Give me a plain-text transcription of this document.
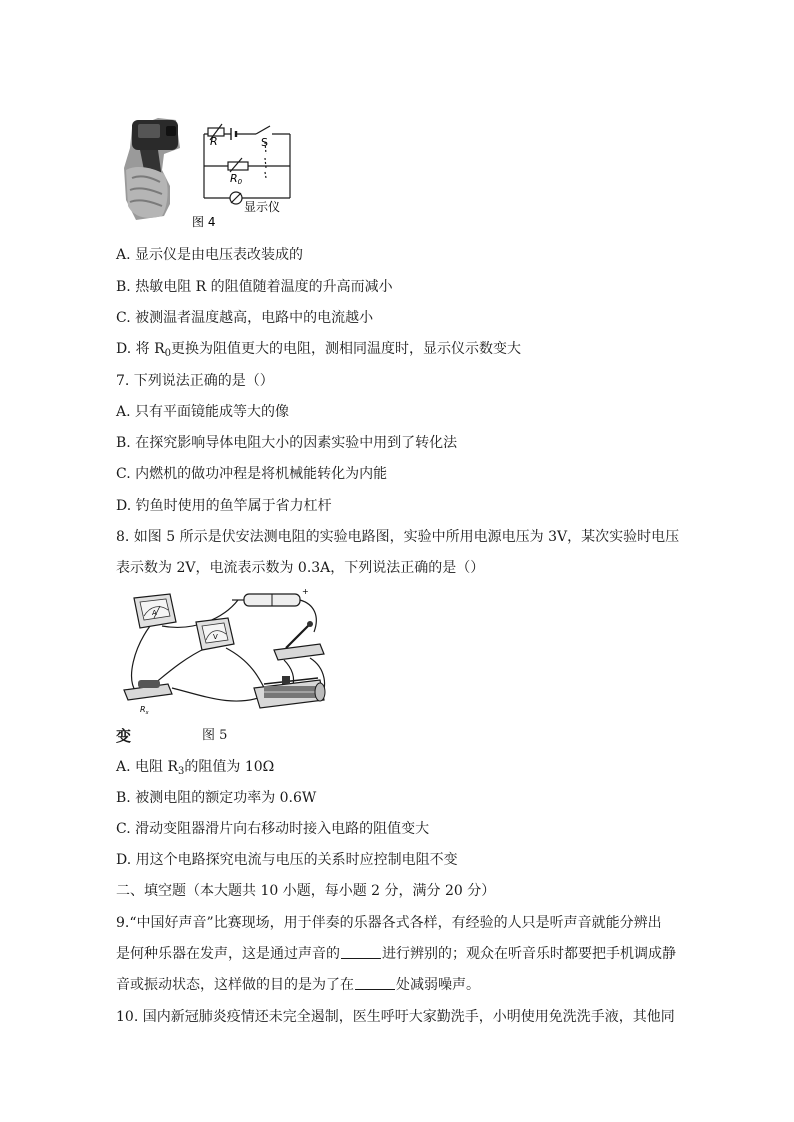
R	S
R0
显示仪
图 4
A. 显示仪是由电压表改装成的
B. 热敏电阻 R 的阻值随着温度的升高而减小
C. 被测温者温度越高，电路中的电流越小
D. 将 $R_0$更换为阻值更大的电阻，测相同温度时，显示仪示数变大
7. 下列说法正确的是（）
A. 只有平面镜能成等大的像
B. 在探究影响导体电阻大小的因素实验中用到了转化法
C. 内燃机的做功冲程是将机械能转化为内能
D. 钓鱼时使用的鱼竿属于省力杠杆
8. 如图 5 所示是伏安法测电阻的实验电路图，实验中所用电源电压为 3V，某次实验时电压
表示数为 2V，电流表示数为 0.3A，下列说法正确的是（）
A
+
V
$R_x$
变	图 5
A. 电阻 $R_3$的阻值为 10Ω
B. 被测电阻的额定功率为 0.6W
C. 滑动变阻器滑片向右移动时接入电路的阻值变大
D. 用这个电路探究电流与电压的关系时应控制电阻不变
二、填空题（本大题共 10 小题，每小题 2 分，满分 20 分）
9.“中国好声音”比赛现场，用于伴奏的乐器各式各样，有经验的人只是听声音就能分辨出
是何种乐器在发声，这是通过声音的	进行辨别的；观众在听音乐时都要把手机调成静
音或振动状态，这样做的目的是为了在	处减弱噪声。
10. 国内新冠肺炎疫情还未完全遏制，医生呼吁大家勤洗手，小明使用免洗洗手液，其他同
